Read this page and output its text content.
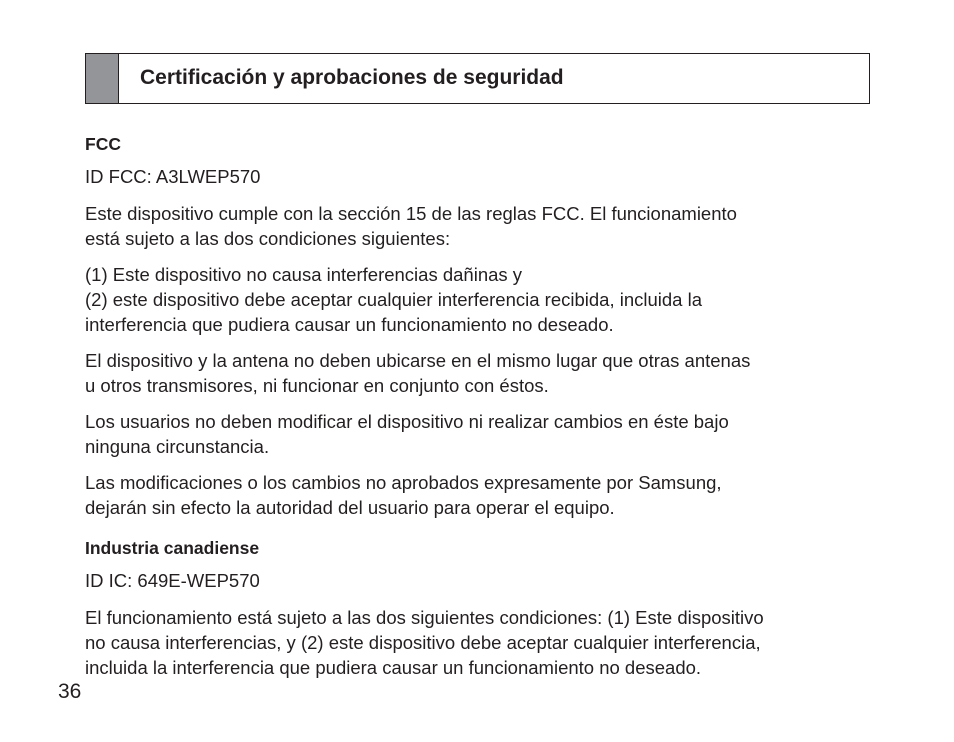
Certificación y aprobaciones de seguridad
FCC
ID FCC: A3LWEP570
Este dispositivo cumple con la sección 15 de las reglas FCC. El funcionamiento
está sujeto a las dos condiciones siguientes:
(1) Este dispositivo no causa interferencias dañinas y
(2) este dispositivo debe aceptar cualquier interferencia recibida, incluida la
interferencia que pudiera causar un funcionamiento no deseado.
El dispositivo y la antena no deben ubicarse en el mismo lugar que otras antenas
u otros transmisores, ni funcionar en conjunto con éstos.
Los usuarios no deben modificar el dispositivo ni realizar cambios en éste bajo
ninguna circunstancia.
Las modificaciones o los cambios no aprobados expresamente por Samsung,
dejarán sin efecto la autoridad del usuario para operar el equipo.
Industria canadiense
ID IC: 649E-WEP570
El funcionamiento está sujeto a las dos siguientes condiciones: (1) Este dispositivo
no causa interferencias, y (2) este dispositivo debe aceptar cualquier interferencia,
incluida la interferencia que pudiera causar un funcionamiento no deseado.
36
